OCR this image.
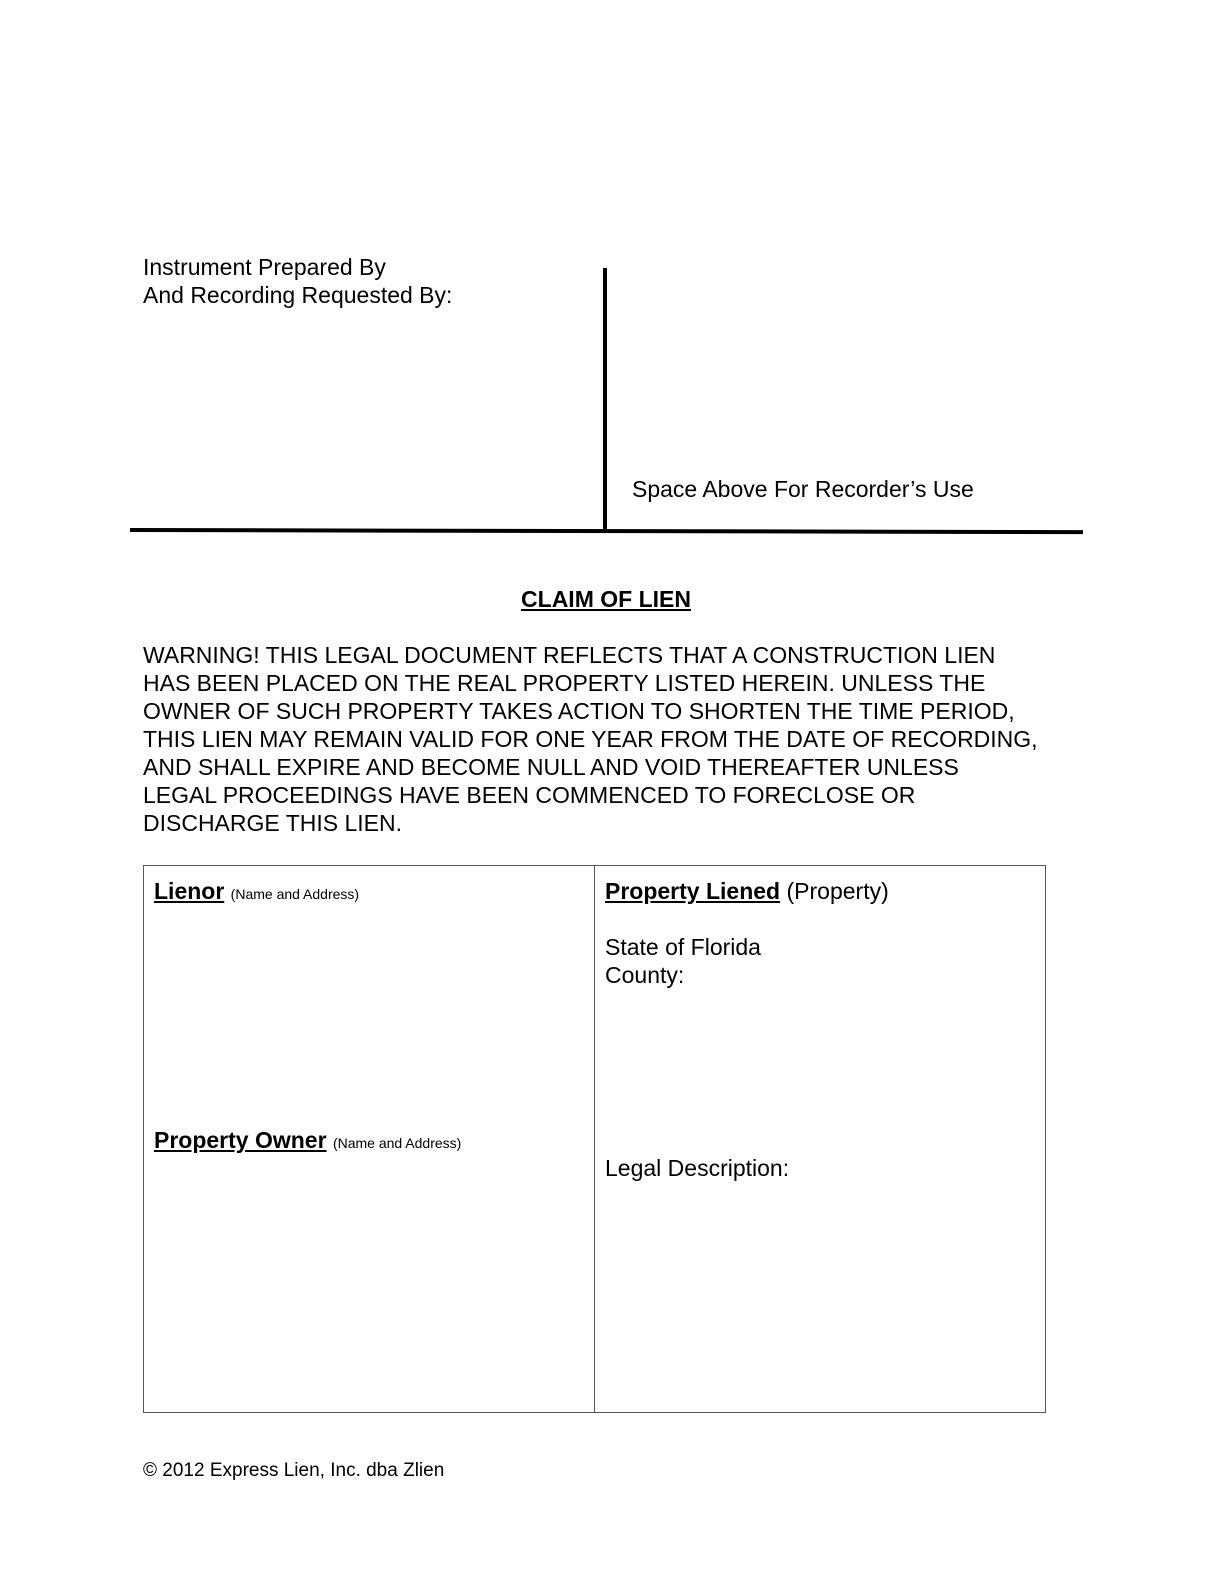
Instrument Prepared By
And Recording Requested By:
Space Above For Recorder’s Use
CLAIM OF LIEN
WARNING! THIS LEGAL DOCUMENT REFLECTS THAT A CONSTRUCTION LIEN
HAS BEEN PLACED ON THE REAL PROPERTY LISTED HEREIN. UNLESS THE
OWNER OF SUCH PROPERTY TAKES ACTION TO SHORTEN THE TIME PERIOD,
THIS LIEN MAY REMAIN VALID FOR ONE YEAR FROM THE DATE OF RECORDING,
AND SHALL EXPIRE AND BECOME NULL AND VOID THEREAFTER UNLESS
LEGAL PROCEEDINGS HAVE BEEN COMMENCED TO FORECLOSE OR
DISCHARGE THIS LIEN.
Lienor (Name and Address)
Property Owner (Name and Address)
Property Liened (Property)
State of Florida
County:
Legal Description:
© 2012 Express Lien, Inc. dba Zlien
